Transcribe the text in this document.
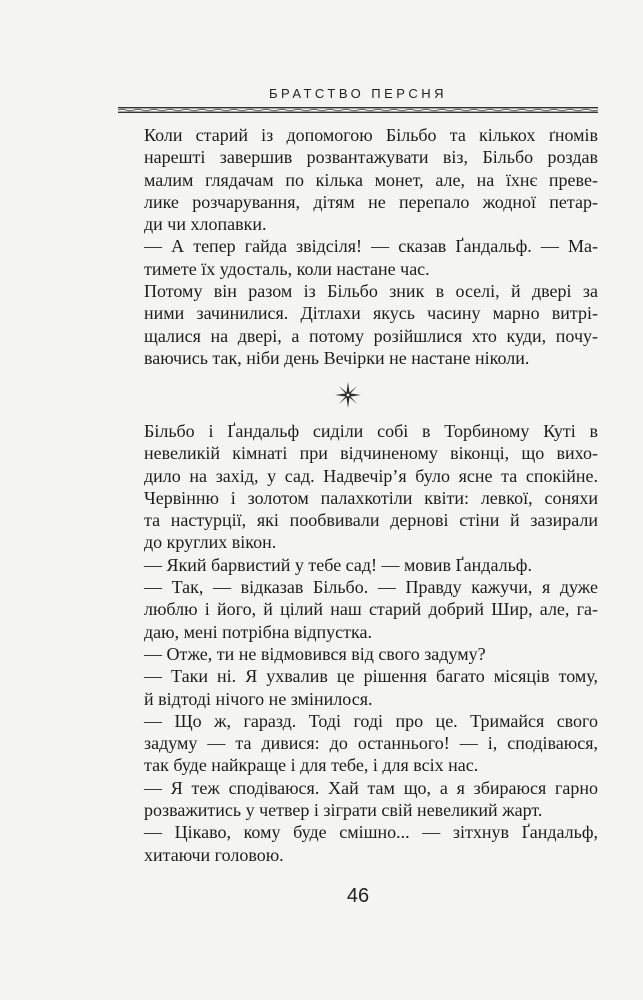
БРАТСТВО ПЕРСНЯ

Коли старий із допомогою Більбо та кількох ґномів
нарешті завершив розвантажувати віз, Більбо роздав
малим глядачам по кілька монет, але, на їхнє превe-
лике розчарування, дітям не перепало жодної петар-
ди чи хлопавки.

— А тепер гайда звідсіля! — сказав Ґандальф. — Ма-
тимете їх удосталь, коли настане час.

Потому він разом із Більбо зник в оселі, й двері за
ними зачинилися. Дітлахи якусь часину марно витрі-
щалися на двері, а потому розійшлися хто куди, почу-
ваючись так, ніби день Вечірки не настане ніколи.

Більбо і Ґандальф сиділи собі в Торбиному Куті в
невеликій кімнаті при відчиненому віконці, що вихо-
дило на захід, у сад. Надвечір’я було ясне та спокійне.
Червінню і золотом палахкотіли квіти: левкої, соняхи
та настурції, які пообвивали дернові стіни й зазирали
до круглих вікон.

— Який барвистий у тебе сад! — мовив Ґандальф.

— Так, — відказав Більбо. — Правду кажучи, я дуже
люблю і його, й цілий наш старий добрий Шир, але, га-
даю, мені потрібна відпустка.

— Отже, ти не відмовився від свого задуму?

— Таки ні. Я ухвалив це рішення багато місяців тому,
й відтоді нічого не змінилося.

— Що ж, гаразд. Тоді годі про це. Тримайся свого
задуму — та дивися: до останнього! — і, сподіваюся,
так буде найкраще і для тебе, і для всіх нас.

— Я теж сподіваюся. Хай там що, а я збираюся гарно
розважитись у четвер і зіграти свій невеликий жарт.

— Цікаво, кому буде смішно... — зітхнув Ґандальф,
хитаючи головою.

46
